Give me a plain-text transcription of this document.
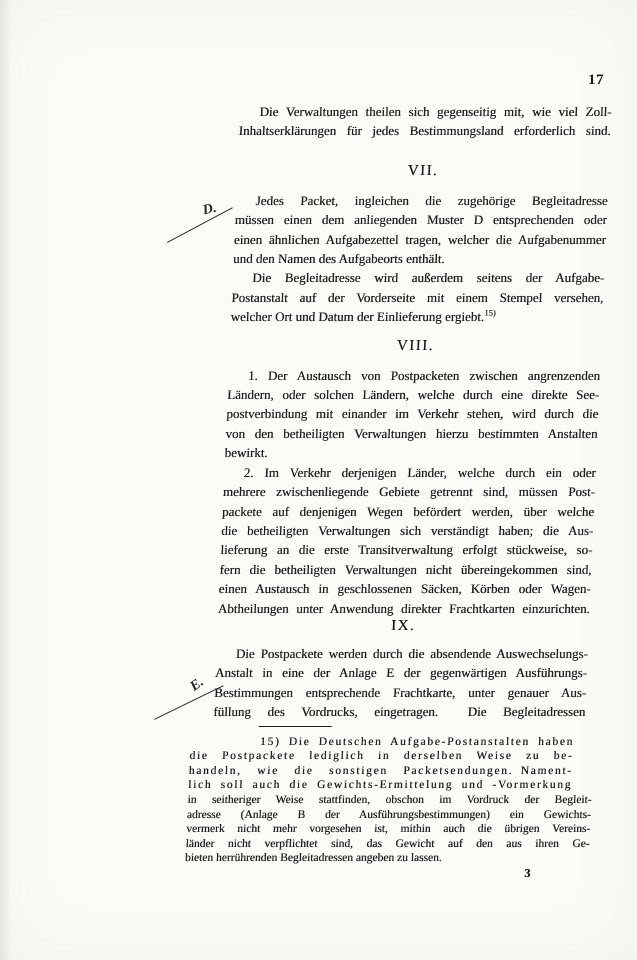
17
D.
E.
Die Verwaltungen theilen sich gegenseitig mit, wie viel Zoll-
Inhaltserklärungen für jedes Bestimmungsland erforderlich sind.
VII.
Jedes Packet, ingleichen die zugehörige Begleitadresse
müssen einen dem anliegenden Muster D entsprechenden oder
einen ähnlichen Aufgabezettel tragen, welcher die Aufgabenummer
und den Namen des Aufgabeorts enthält.
Die Begleitadresse wird außerdem seitens der Aufgabe-
Postanstalt auf der Vorderseite mit einem Stempel versehen,
welcher Ort und Datum der Einlieferung ergiebt.$^{15)}$
VIII.
1. Der Austausch von Postpacketen zwischen angrenzenden
Ländern, oder solchen Ländern, welche durch eine direkte See-
postverbindung mit einander im Verkehr stehen, wird durch die
von den betheiligten Verwaltungen hierzu bestimmten Anstalten
bewirkt.
2. Im Verkehr derjenigen Länder, welche durch ein oder
mehrere zwischenliegende Gebiete getrennt sind, müssen Post-
packete auf denjenigen Wegen befördert werden, über welche
die betheiligten Verwaltungen sich verständigt haben; die Aus-
lieferung an die erste Transitverwaltung erfolgt stückweise, so-
fern die betheiligten Verwaltungen nicht übereingekommen sind,
einen Austausch in geschlossenen Säcken, Körben oder Wagen-
Abtheilungen unter Anwendung direkter Frachtkarten einzurichten.
IX.
Die Postpackete werden durch die absendende Auswechselungs-
Anstalt in eine der Anlage E der gegenwärtigen Ausführungs-
Bestimmungen entsprechende Frachtkarte, unter genauer Aus-
füllung des Vordrucks, eingetragen.  Die Begleitadressen
15) Die Deutschen Aufgabe-Postanstalten haben
die Postpackete lediglich in derselben Weise zu be-
handeln, wie die sonstigen Packetsendungen. Nament-
lich soll auch die Gewichts-Ermittelung und -Vormerkung
in seitheriger Weise stattfinden, obschon im Vordruck der Begleit-
adresse (Anlage B der Ausführungsbestimmungen) ein Gewichts-
vermerk nicht mehr vorgesehen ist, mithin auch die übrigen Vereins-
länder nicht verpflichtet sind, das Gewicht auf den aus ihren Ge-
bieten herrührenden Begleitadressen angeben zu lassen.
3
